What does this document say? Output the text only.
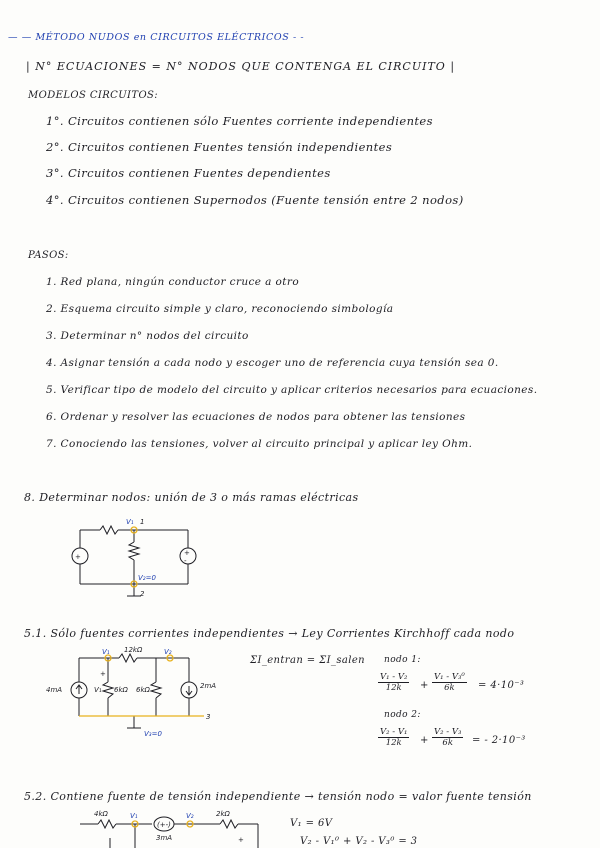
— — MÉTODO NUDOS en CIRCUITOS ELÉCTRICOS - -
| N° ECUACIONES = N° NODOS QUE CONTENGA EL CIRCUITO |
MODELOS CIRCUITOS:
1°. Circuitos contienen sólo Fuentes corriente independientes
2°. Circuitos contienen Fuentes tensión independientes
3°. Circuitos contienen Fuentes dependientes
4°. Circuitos contienen Supernodos (Fuente tensión entre 2 nodos)
PASOS:
1. Red plana, ningún conductor cruce a otro
2. Esquema circuito simple y claro, reconociendo simbología
3. Determinar n° nodos del circuito
4. Asignar tensión a cada nodo y escoger uno de referencia cuya tensión sea 0.
5. Verificar tipo de modelo del circuito y aplicar criterios necesarios para ecuaciones.
6. Ordenar y resolver las ecuaciones de nodos para obtener las tensiones
7. Conociendo las tensiones, volver al circuito principal y aplicar ley Ohm.
8. Determinar nodos: unión de 3 o más ramas eléctricas
+	+
-
V₁ 1
V₂=0
2
5.1. Sólo fuentes corrientes independientes → Ley Corrientes Kirchhoff cada nodo
12kΩ
V₁	V₂
4mA	6kΩ 6kΩ	2mA
V₁
+
V₃=0
3
ΣI_entran = ΣI_salen nodo 1:
$\frac{\text{V₁ - V₂}}{12k} + \frac{\text{V₁ - V₃⁰}}{6k} = 4\cdot 10^{-3}$
nodo 2:
$\frac{\text{V₂ - V₁}}{12k} + \frac{\text{V₂ - V₃}}{6k}$ = - 2·10⁻³
5.2. Contiene fuente de tensión independiente → tensión nodo = valor fuente tensión
4kΩ	V₁
(+-)
3mA
V₂	2kΩ
+
V₁ = 6V
V₂ - V₁⁰ + V₂ - V₃⁰ = 3
